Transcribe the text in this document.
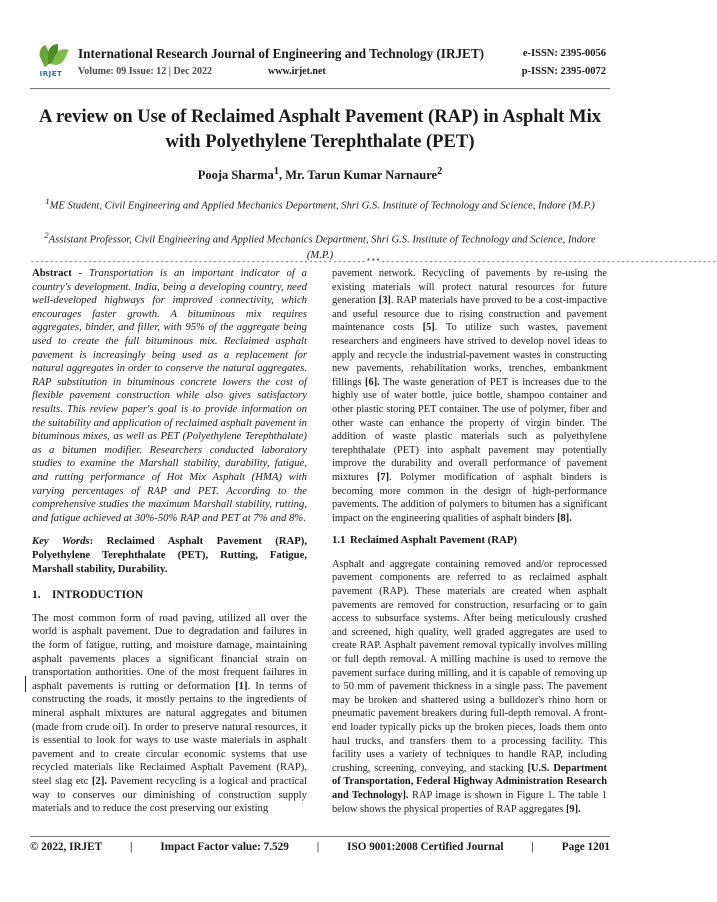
IRJET
International Research Journal of Engineering and Technology (IRJET)	e-ISSN: 2395-0056
Volume: 09 Issue: 12 | Dec 2022	www.irjet.net	p-ISSN: 2395-0072
A review on Use of Reclaimed Asphalt Pavement (RAP) in Asphalt Mix
with Polyethylene Terephthalate (PET)
Pooja Sharma$^1$, Mr. Tarun Kumar Narnaure$^2$
$^1$ME Student, Civil Engineering and Applied Mechanics Department, Shri G.S. Institute of Technology and Science, Indore (M.P.)
$^2$Assistant Professor, Civil Engineering and Applied Mechanics Department, Shri G.S. Institute of Technology and Science, Indore (M.P.)
----------------------------------------------------------------------***----------------------------------------------------------------------

Abstract - Transportation is an important indicator of a country's development. India, being a developing country, need well-developed highways for improved connectivity, which encourages faster growth. A bituminous mix requires aggregates, binder, and filler, with 95% of the aggregate being used to create the full bituminous mix. Reclaimed asphalt pavement is increasingly being used as a replacement for natural aggregates in order to conserve the natural aggregates. RAP substitution in bituminous concrete lowers the cost of flexible pavement construction while also gives satisfactory results. This review paper's goal is to provide information on the suitability and application of reclaimed asphalt pavement in bituminous mixes, as well as PET (Polyethylene Terephthalate) as a bitumen modifier. Researchers conducted laboratory studies to examine the Marshall stability, durability, fatigue, and rutting performance of Hot Mix Asphalt (HMA) with varying percentages of RAP and PET. According to the comprehensive studies the maximum Marshall stability, rutting, and fatigue achieved at 30%-50% RAP and PET at 7% and 8%.

Key Words: Reclaimed Asphalt Pavement (RAP), Polyethylene Terephthalate (PET), Rutting, Fatigue, Marshall stability, Durability.

1. INTRODUCTION

The most common form of road paving, utilized all over the world is asphalt pavement. Due to degradation and failures in the form of fatigue, rutting, and moisture damage, maintaining asphalt pavements places a significant financial strain on transportation authorities. One of the most frequent failures in asphalt pavements is rutting or deformation [1]. In terms of constructing the roads, it mostly pertains to the ingredients of mineral asphalt mixtures are natural aggregates and bitumen (made from crude oil). In order to preserve natural resources, it is essential to look for ways to use waste materials in asphalt pavement and to create circular economic systems that use recycled materials like Reclaimed Asphalt Pavement (RAP), steel slag etc [2]. Pavement recycling is a logical and practical way to conserves our diminishing of construction supply materials and to reduce the cost preserving our existing

pavement network. Recycling of pavements by re-using the existing materials will protect natural resources for future generation [3]. RAP materials have proved to be a cost-impactive and useful resource due to rising construction and pavement maintenance costs [5]. To utilize such wastes, pavement researchers and engineers have strived to develop novel ideas to apply and recycle the industrial-pavement wastes in constructing new pavements, rehabilitation works, trenches, embankment fillings [6]. The waste generation of PET is increases due to the highly use of water bottle, juice bottle, shampoo container and other plastic storing PET container. The use of polymer, fiber and other waste can enhance the property of virgin binder. The addition of waste plastic materials such as polyethylene terephthalate (PET) into asphalt pavement may potentially improve the durability and overall performance of pavement mixtures [7]. Polymer modification of asphalt binders is becoming more common in the design of high-performance pavements. The addition of polymers to bitumen has a significant impact on the engineering qualities of asphalt binders [8].

1.1 Reclaimed Asphalt Pavement (RAP)

Asphalt and aggregate containing removed and/or reprocessed pavement components are referred to as reclaimed asphalt pavement (RAP). These materials are created when asphalt pavements are removed for construction, resurfacing or to gain access to subsurface systems. After being meticulously crushed and screened, high quality, well graded aggregates are used to create RAP. Asphalt pavement removal typically involves milling or full depth removal. A milling machine is used to remove the pavement surface during milling, and it is capable of removing up to 50 mm of pavement thickness in a single pass. The pavement may be broken and shattered using a bulldozer's rhino horn or pneumatic pavement breakers during full-depth removal. A front-end loader typically picks up the broken pieces, loads them onto haul trucks, and transfers them to a processing facility. This facility uses a variety of techniques to handle RAP, including crushing, screening, conveying, and stacking [U.S. Department of Transportation, Federal Highway Administration Research and Technology]. RAP image is shown in Figure 1. The table 1 below shows the physical properties of RAP aggregates [9].

© 2022, IRJET | Impact Factor value: 7.529 | ISO 9001:2008 Certified Journal | Page 1201
